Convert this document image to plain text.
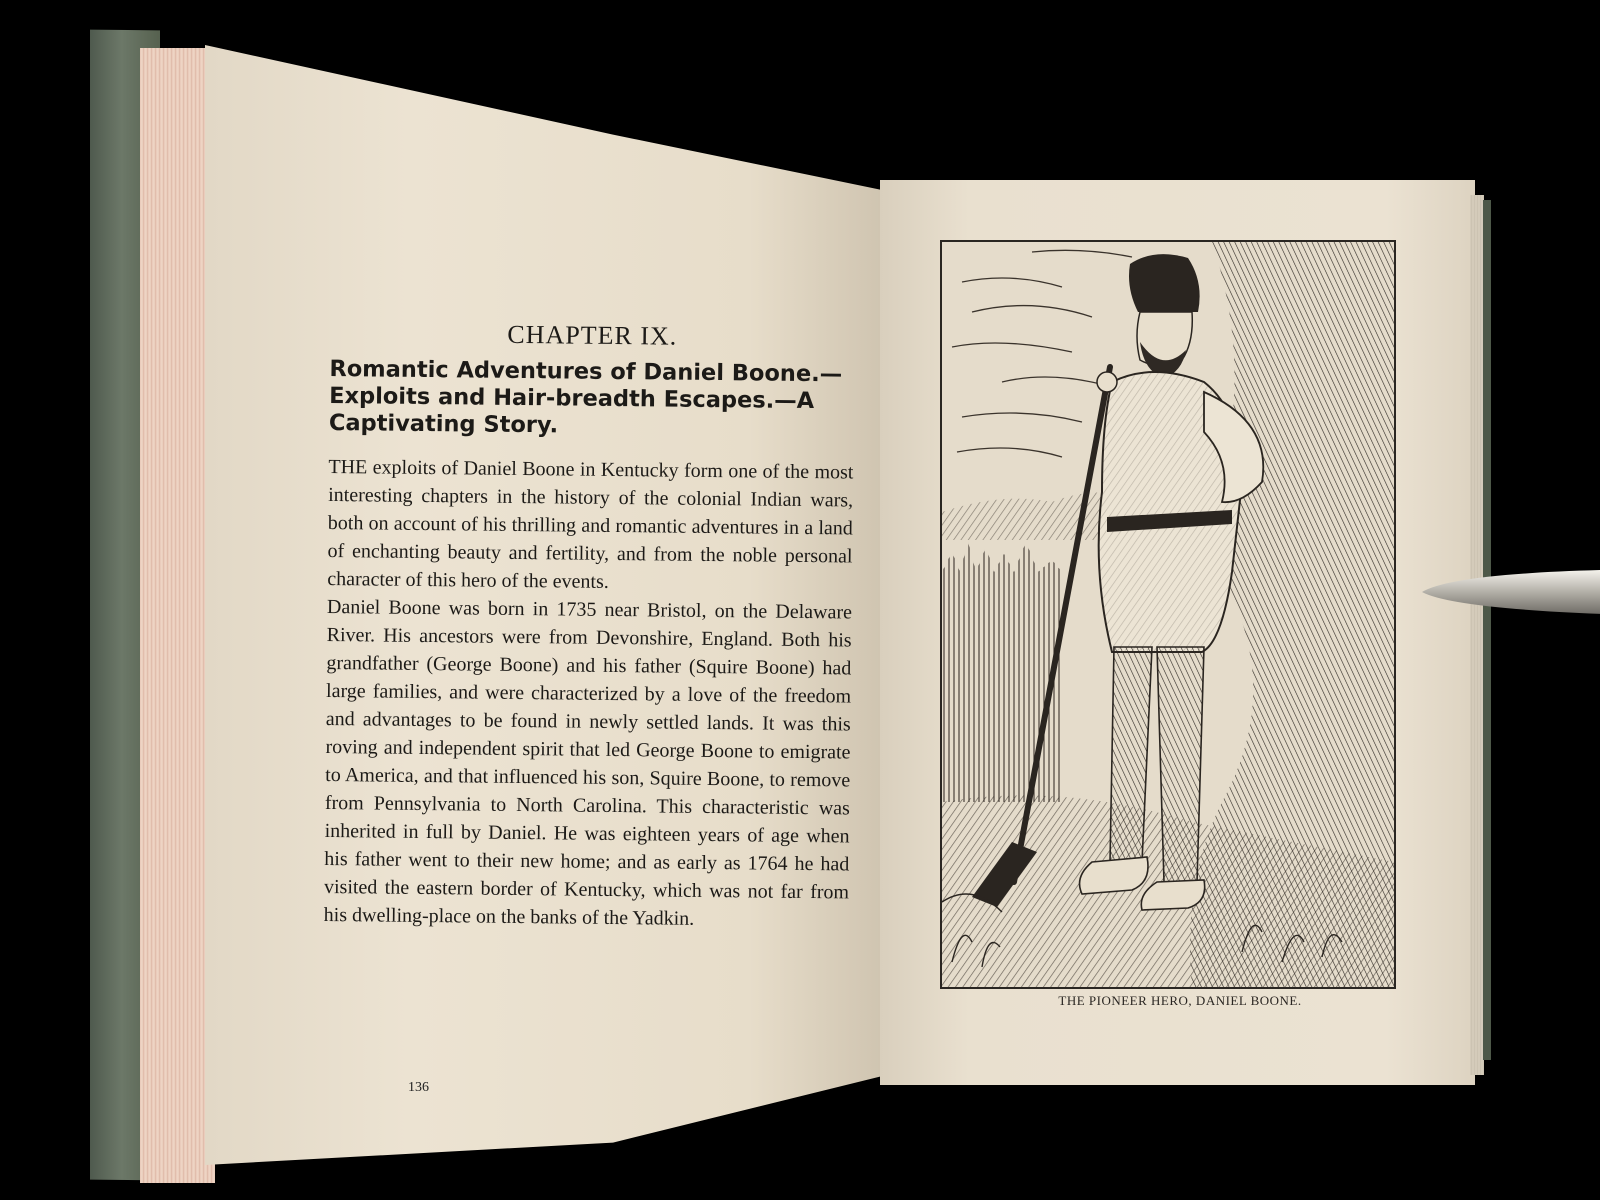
CHAPTER IX.
Romantic Adventures of Daniel Boone.—Exploits and Hair-breadth Escapes.—A Captivating Story.

THE exploits of Daniel Boone in Kentucky form one of the most interesting chapters in the history of the colonial Indian wars, both on account of his thrilling and romantic adventures in a land of enchanting beauty and fertility, and from the noble personal character of this hero of the events.

Daniel Boone was born in 1735 near Bristol, on the Delaware River. His ancestors were from Devonshire, England. Both his grandfather (George Boone) and his father (Squire Boone) had large families, and were characterized by a love of the freedom and advantages to be found in newly settled lands. It was this roving and independent spirit that led George Boone to emigrate to America, and that influenced his son, Squire Boone, to remove from Pennsylvania to North Carolina. This characteristic was inherited in full by Daniel. He was eighteen years of age when his father went to their new home; and as early as 1764 he had visited the eastern border of Kentucky, which was not far from his dwelling-place on the banks of the Yadkin.

136
THE PIONEER HERO, DANIEL BOONE.
